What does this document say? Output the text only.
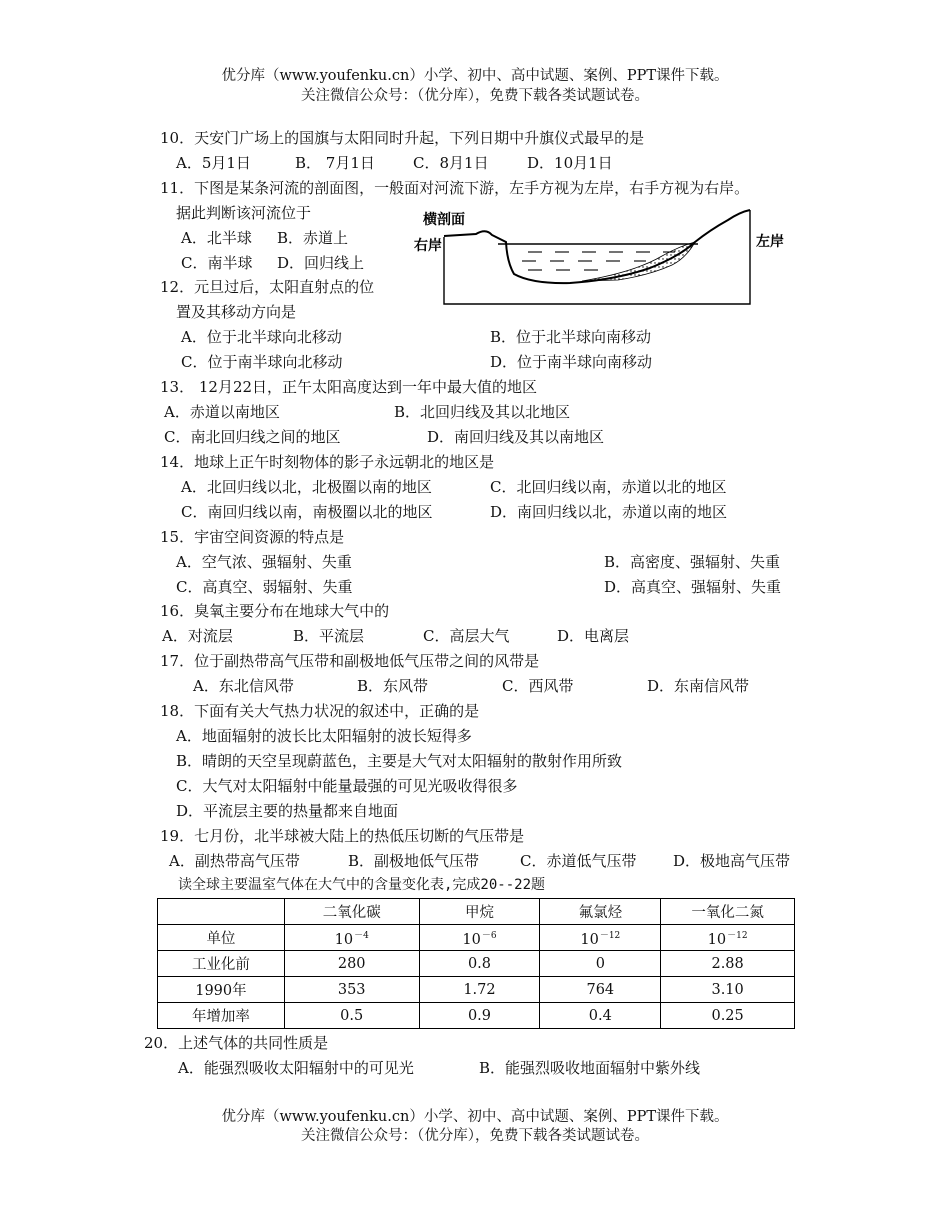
优分库（www.youfenku.cn）小学、初中、高中试题、案例、PPT课件下载。
关注微信公众号：（优分库），免费下载各类试题试卷。
10．天安门广场上的国旗与太阳同时升起，下列日期中升旗仪式最早的是
A．5月1日	B． 7月1日	C．8月1日	D．10月1日
11．下图是某条河流的剖面图，一般面对河流下游，左手方视为左岸，右手方视为右岸。
据此判断该河流位于
A．北半球 B．赤道上
C．南半球 D．回归线上
横剖面
右岸	左岸
12．元旦过后，太阳直射点的位
置及其移动方向是
A．位于北半球向北移动	B．位于北半球向南移动
C．位于南半球向北移动	D．位于南半球向南移动
13． 12月22日，正午太阳高度达到一年中最大值的地区
A．赤道以南地区	B．北回归线及其以北地区
C．南北回归线之间的地区	D．南回归线及其以南地区
14．地球上正午时刻物体的影子永远朝北的地区是
A．北回归线以北，北极圈以南的地区	C．北回归线以南，赤道以北的地区
C．南回归线以南，南极圈以北的地区	D．南回归线以北，赤道以南的地区
15．宇宙空间资源的特点是
A．空气浓、强辐射、失重	B．高密度、强辐射、失重
C．高真空、弱辐射、失重	D．高真空、强辐射、失重
16．臭氧主要分布在地球大气中的
A．对流层	B．平流层	C．高层大气	D．电离层
17．位于副热带高气压带和副极地低气压带之间的风带是
A．东北信风带	B．东风带	C．西风带	D．东南信风带
18．下面有关大气热力状况的叙述中，正确的是
A．地面辐射的波长比太阳辐射的波长短得多
B．晴朗的天空呈现蔚蓝色，主要是大气对太阳辐射的散射作用所致
C．大气对太阳辐射中能量最强的可见光吸收得很多
D．平流层主要的热量都来自地面
19．七月份，北半球被大陆上的热低压切断的气压带是
A．副热带高气压带	B．副极地低气压带	C．赤道低气压带 D．极地高气压带
读全球主要温室气体在大气中的含量变化表,完成20--22题
	二氧化碳	甲烷	氟氯烃	一氧化二氮
单位	$10^{-4}$	$10^{-6}$	$10^{-12}$	$10^{-12}$
工业化前	280	0.8	0	2.88
1990年	353	1.72	764	3.10
年增加率	0.5	0.9	0.4	0.25
20．上述气体的共同性质是
A．能强烈吸收太阳辐射中的可见光	B．能强烈吸收地面辐射中紫外线
优分库（www.youfenku.cn）小学、初中、高中试题、案例、PPT课件下载。
关注微信公众号：（优分库），免费下载各类试题试卷。
